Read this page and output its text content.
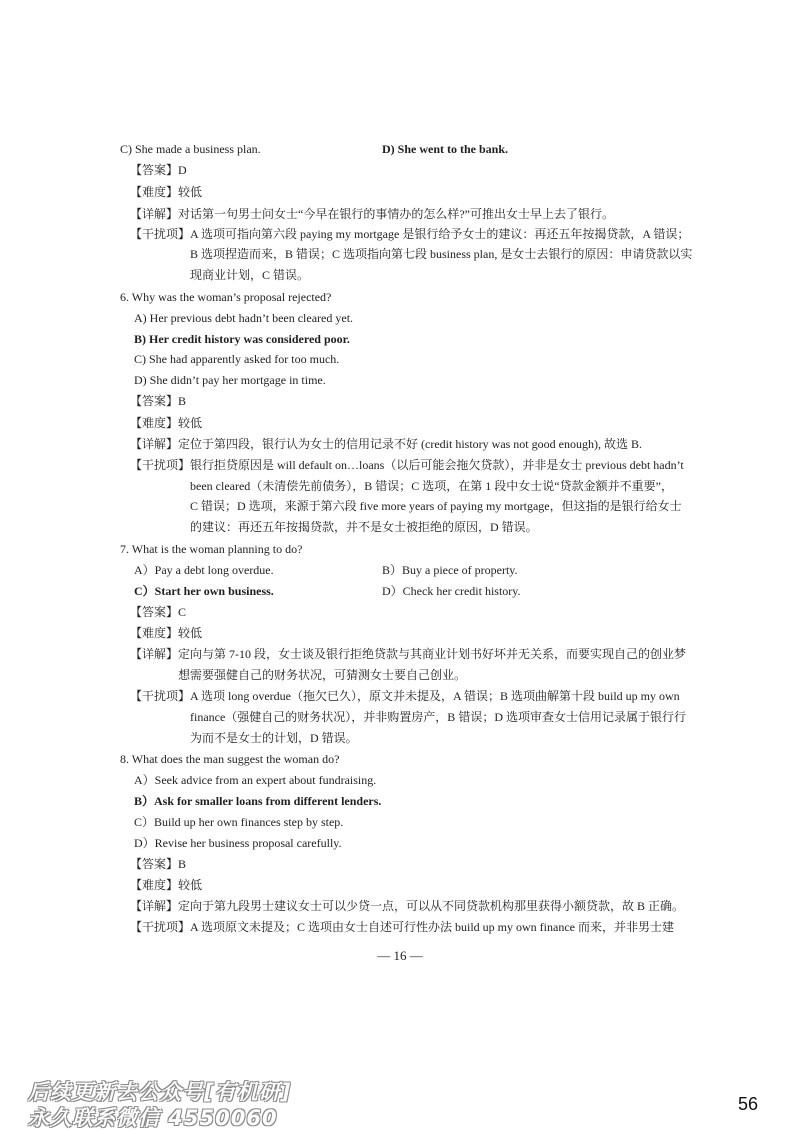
C) She made a business plan.	D) She went to the bank.
【答案】D
【难度】较低
【详解】对话第一句男士问女士“今早在银行的事情办的怎么样?”可推出女士早上去了银行。
【干扰项】A 选项可指向第六段 paying my mortgage 是银行给予女士的建议：再还五年按揭贷款，A 错误；
B 选项捏造而来，B 错误；C 选项指向第七段 business plan, 是女士去银行的原因：申请贷款以实
现商业计划，C 错误。
6. Why was the woman’s proposal rejected?
A) Her previous debt hadn’t been cleared yet.
B) Her credit history was considered poor.
C) She had apparently asked for too much.
D) She didn’t pay her mortgage in time.
【答案】B
【难度】较低
【详解】定位于第四段，银行认为女士的信用记录不好 (credit history was not good enough), 故选 B.
【干扰项】银行拒贷原因是 will default on…loans（以后可能会拖欠贷款），并非是女士 previous debt hadn’t
been cleared（未清偿先前债务），B 错误；C 选项，在第 1 段中女士说“贷款金额并不重要”，
C 错误；D 选项，来源于第六段 five more years of paying my mortgage，但这指的是银行给女士
的建议：再还五年按揭贷款，并不是女士被拒绝的原因，D 错误。
7. What is the woman planning to do?
A）Pay a debt long overdue.	B）Buy a piece of property.
C）Start her own business.	D）Check her credit history.
【答案】C
【难度】较低
【详解】定向与第 7-10 段，女士谈及银行拒绝贷款与其商业计划书好坏并无关系，而要实现自己的创业梦
想需要强健自己的财务状况，可猜测女士要自己创业。
【干扰项】A 选项 long overdue（拖欠已久），原文并未提及，A 错误；B 选项曲解第十段 build up my own
finance（强健自己的财务状况），并非购置房产，B 错误；D 选项审查女士信用记录属于银行行
为而不是女士的计划，D 错误。
8. What does the man suggest the woman do?
A）Seek advice from an expert about fundraising.
B）Ask for smaller loans from different lenders.
C）Build up her own finances step by step.
D）Revise her business proposal carefully.
【答案】B
【难度】较低
【详解】定向于第九段男士建议女士可以少贷一点，可以从不同贷款机构那里获得小额贷款，故 B 正确。
【干扰项】A 选项原文未提及；C 选项由女士自述可行性办法 build up my own finance 而来，并非男士建
— 16 —
56
后续更新去公众号[有机研]
永久联系微信 4550060
